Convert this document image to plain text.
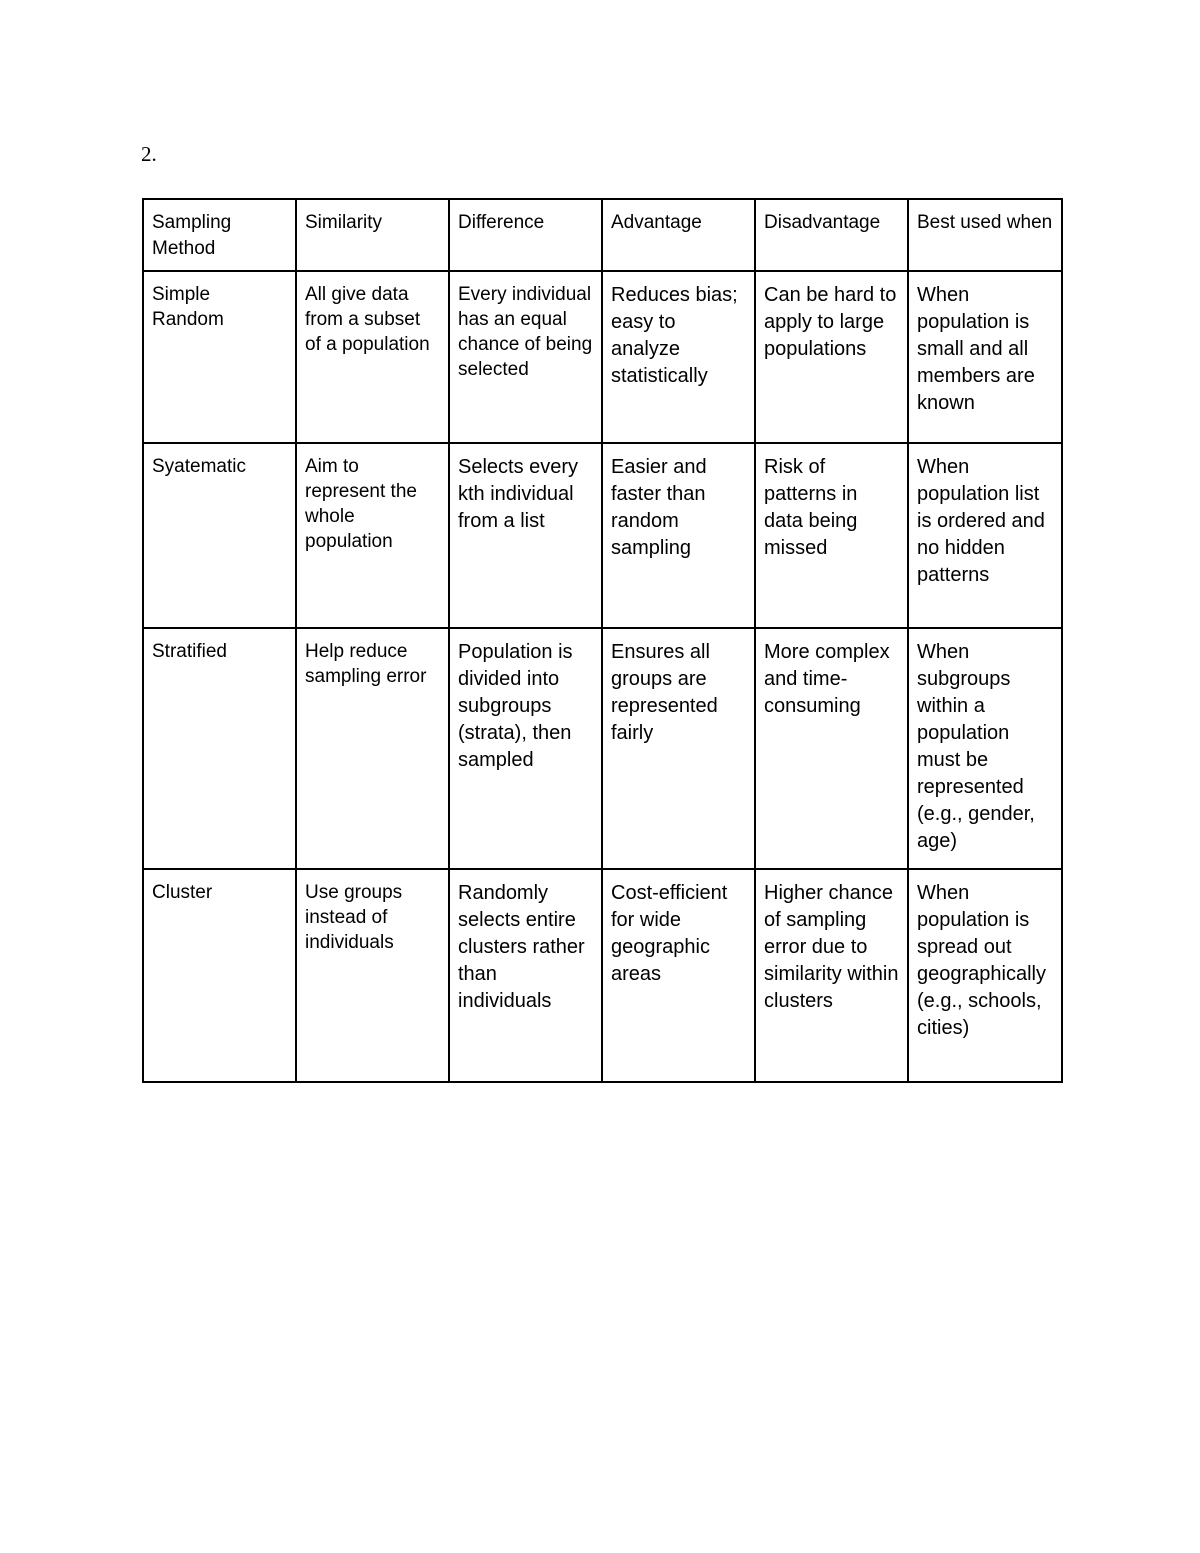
2.
Sampling Method	Similarity	Difference	Advantage	Disadvantage	Best used when
Simple Random	All give data from a subset of a population	Every individual has an equal chance of being selected	Reduces bias; easy to analyze statistically	Can be hard to apply to large populations	When population is small and all members are known
Syatematic	Aim to represent the whole population	Selects every kth individual from a list	Easier and faster than random sampling	Risk of patterns in data being missed	When population list is ordered and no hidden patterns
Stratified	Help reduce sampling error	Population is divided into subgroups (strata), then sampled	Ensures all groups are represented fairly	More complex and time-consuming	When subgroups within a population must be represented (e.g., gender, age)
Cluster	Use groups instead of individuals	Randomly selects entire clusters rather than individuals	Cost-efficient for wide geographic areas	Higher chance of sampling error due to similarity within clusters	When population is spread out geographically (e.g., schools, cities)
